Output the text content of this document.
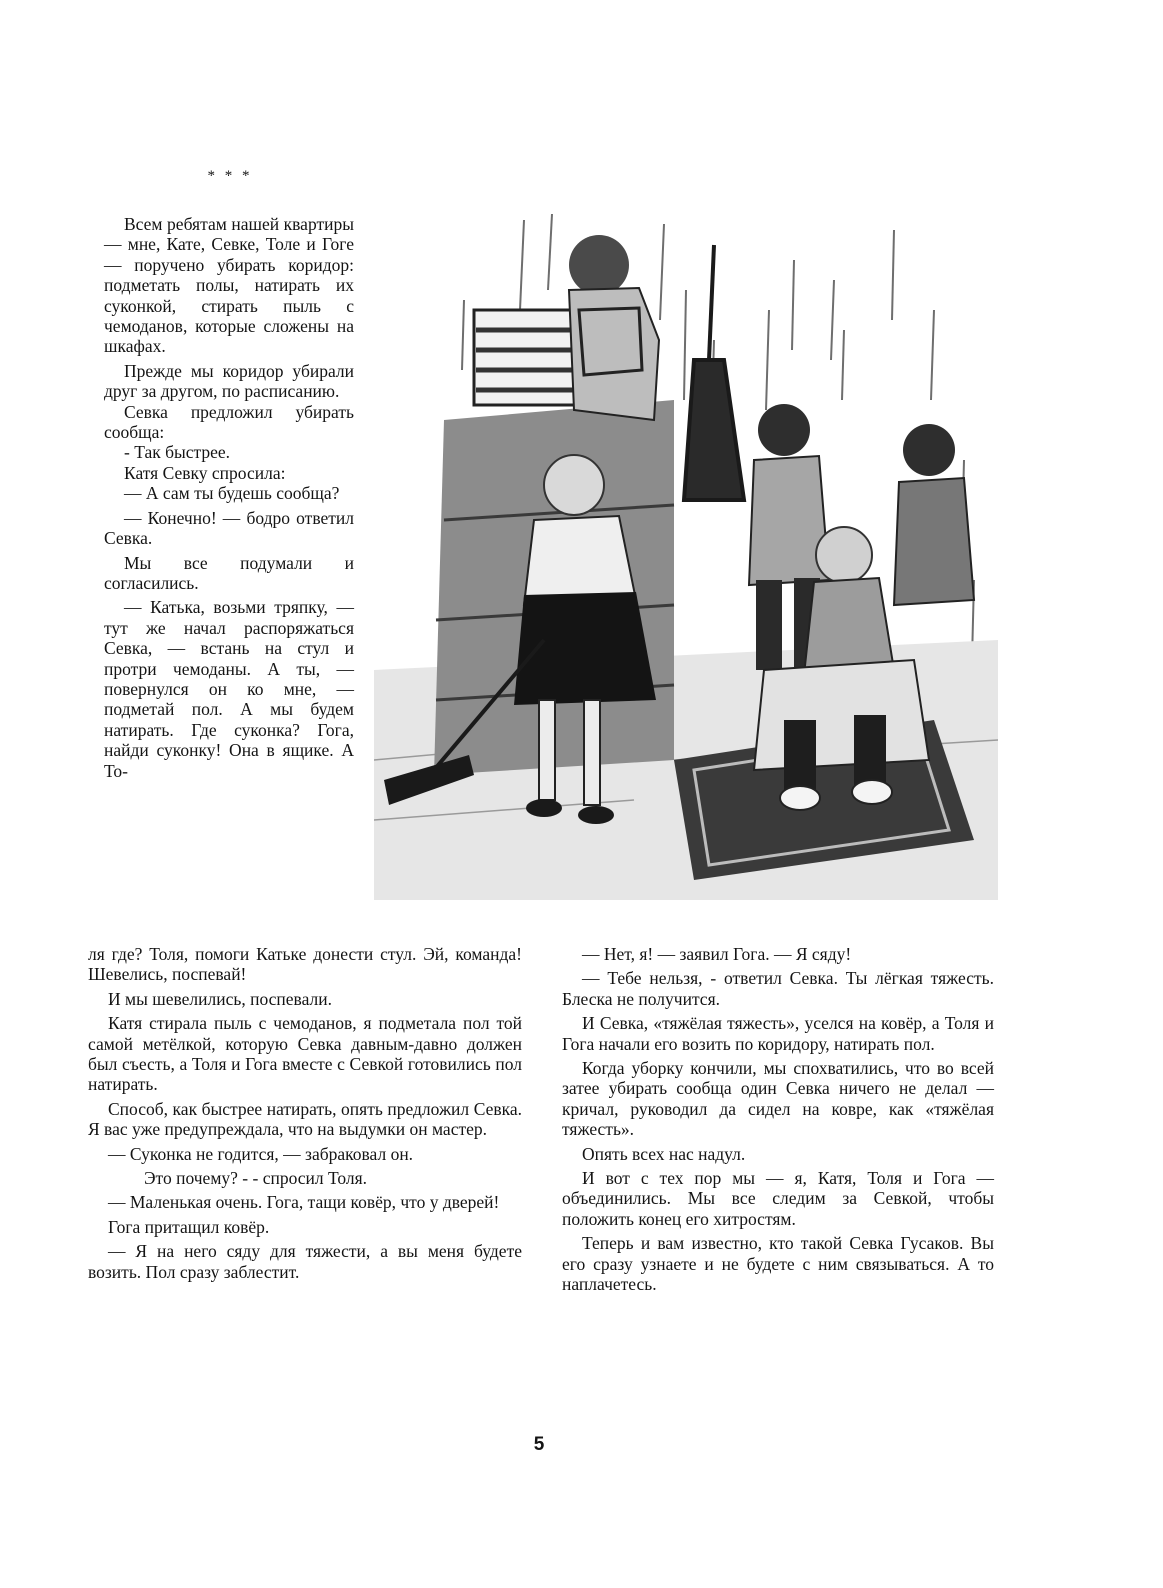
* * *

Всем ребятам нашей квартиры — мне, Кате, Севке, Толе и Гоге — поручено убирать коридор: подметать полы, натирать их суконкой, стирать пыль с чемоданов, которые сложены на шкафах.

Прежде мы коридор убирали друг за другом, по расписанию.

Севка предложил убирать сообща:

- Так быстрее.

Катя Севку спросила:

— А сам ты будешь сообща?

— Конечно! — бодро ответил Севка.

Мы все подумали и согласились.

— Катька, возьми тряпку, — тут же начал распоряжаться Севка, — встань на стул и протри чемоданы. А ты, — повернулся он ко мне, — подметай пол. А мы будем натирать. Где суконка? Гога, найди суконку! Она в ящике. А То-

ля где? Толя, помоги Катьке донести стул. Эй, команда! Шевелись, поспевай!

И мы шевелились, поспевали.

Катя стирала пыль с чемоданов, я подметала пол той самой метёлкой, которую Севка давным-давно должен был съесть, а Толя и Гога вместе с Севкой готовились пол натирать.

Способ, как быстрее натирать, опять предложил Севка. Я вас уже предупреждала, что на выдумки он мастер.

— Суконка не годится, — забраковал он.

Это почему? - - спросил Толя.

— Маленькая очень. Гога, тащи ковёр, что у дверей!

Гога притащил ковёр.

— Я на него сяду для тяжести, а вы меня будете возить. Пол сразу заблестит.

— Нет, я! — заявил Гога. — Я сяду!

— Тебе нельзя, - ответил Севка. Ты лёгкая тяжесть. Блеска не получится.

И Севка, «тяжёлая тяжесть», уселся на ковёр, а Толя и Гога начали его возить по коридору, натирать пол.

Когда уборку кончили, мы спохватились, что во всей затее убирать сообща один Севка ничего не делал — кричал, руководил да сидел на ковре, как «тяжёлая тяжесть».

Опять всех нас надул.

И вот с тех пор мы — я, Катя, Толя и Гога — объединились. Мы все следим за Севкой, чтобы положить конец его хитростям.

Теперь и вам известно, кто такой Севка Гусаков. Вы его сразу узнаете и не будете с ним связываться. А то наплачетесь.

5
